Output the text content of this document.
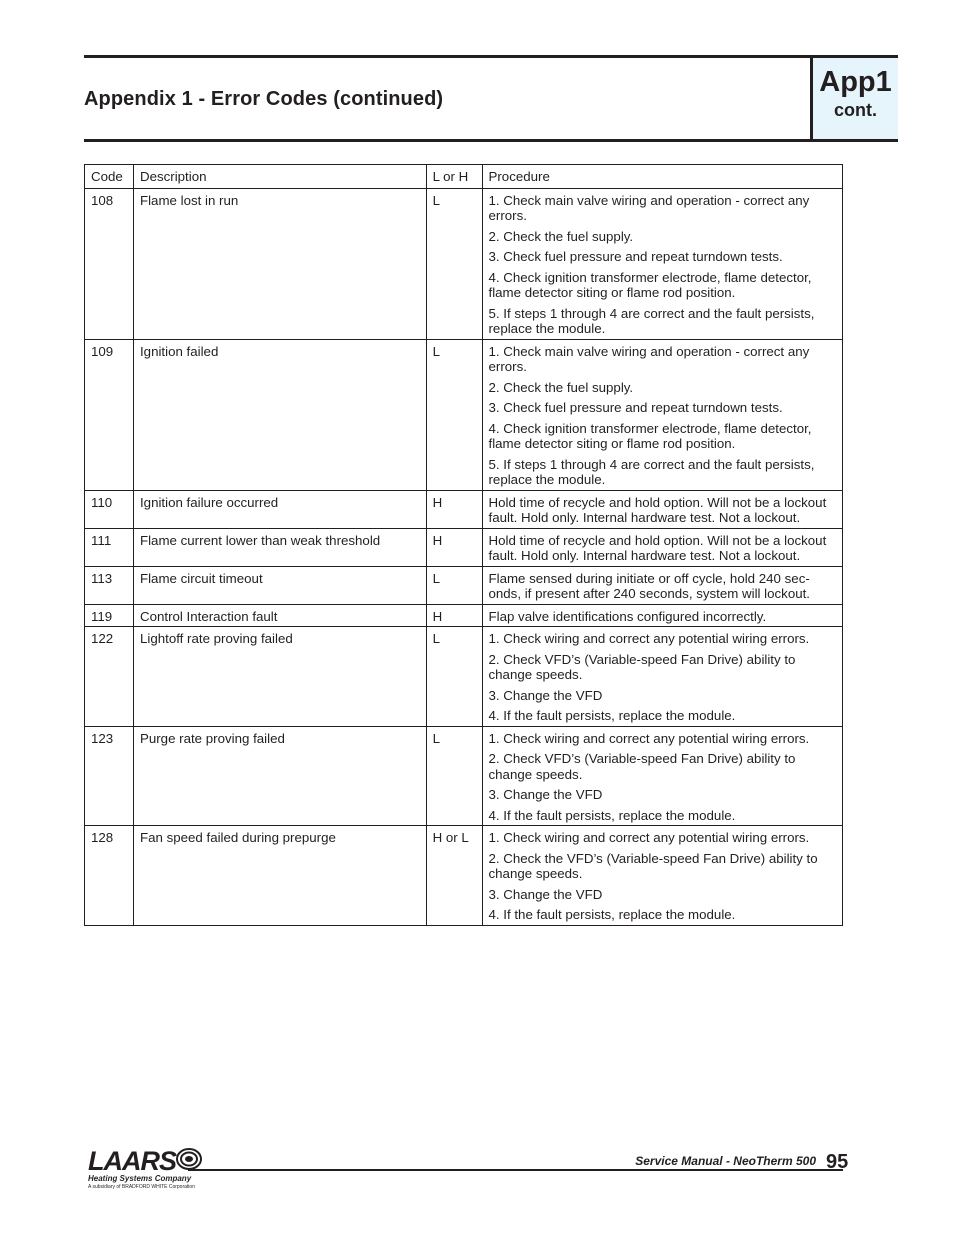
Appendix 1 - Error Codes (continued)
App1
cont.
Code	Description	L or H	Procedure
108	Flame lost in run	L	1. Check main valve wiring and operation - correct any errors.
2. Check the fuel supply.
3. Check fuel pressure and repeat turndown tests.
4. Check ignition transformer electrode, flame detector, flame detector siting or flame rod position.
5. If steps 1 through 4 are correct and the fault persists, replace the module.

109	Ignition failed	L	1. Check main valve wiring and operation - correct any errors.
2. Check the fuel supply.
3. Check fuel pressure and repeat turndown tests.
4. Check ignition transformer electrode, flame detector, flame detector siting or flame rod position.
5. If steps 1 through 4 are correct and the fault persists, replace the module.

110	Ignition failure occurred	H	Hold time of recycle and hold option. Will not be a lockout fault. Hold only. Internal hardware test. Not a lockout.

111	Flame current lower than weak threshold	H	Hold time of recycle and hold option. Will not be a lockout fault. Hold only. Internal hardware test. Not a lockout.

113	Flame circuit timeout	L	Flame sensed during initiate or off cycle, hold 240 sec-onds, if present after 240 seconds, system will lockout.

119	Control Interaction fault	H	Flap valve identifications configured incorrectly.

122	Lightoff rate proving failed	L	1. Check wiring and correct any potential wiring errors.
2. Check VFD’s (Variable-speed Fan Drive) ability to change speeds.
3. Change the VFD
4. If the fault persists, replace the module.

123	Purge rate proving failed	L	1. Check wiring and correct any potential wiring errors.
2. Check VFD’s (Variable-speed Fan Drive) ability to change speeds.
3. Change the VFD
4. If the fault persists, replace the module.

128	Fan speed failed during prepurge	H or L	1. Check wiring and correct any potential wiring errors.
2. Check the VFD’s (Variable-speed Fan Drive) ability to change speeds.
3. Change the VFD
4. If the fault persists, replace the module.
LAARS
Heating Systems Company
A subsidiary of BRADFORD WHITE Corporation
Service Manual - NeoTherm 500 95
